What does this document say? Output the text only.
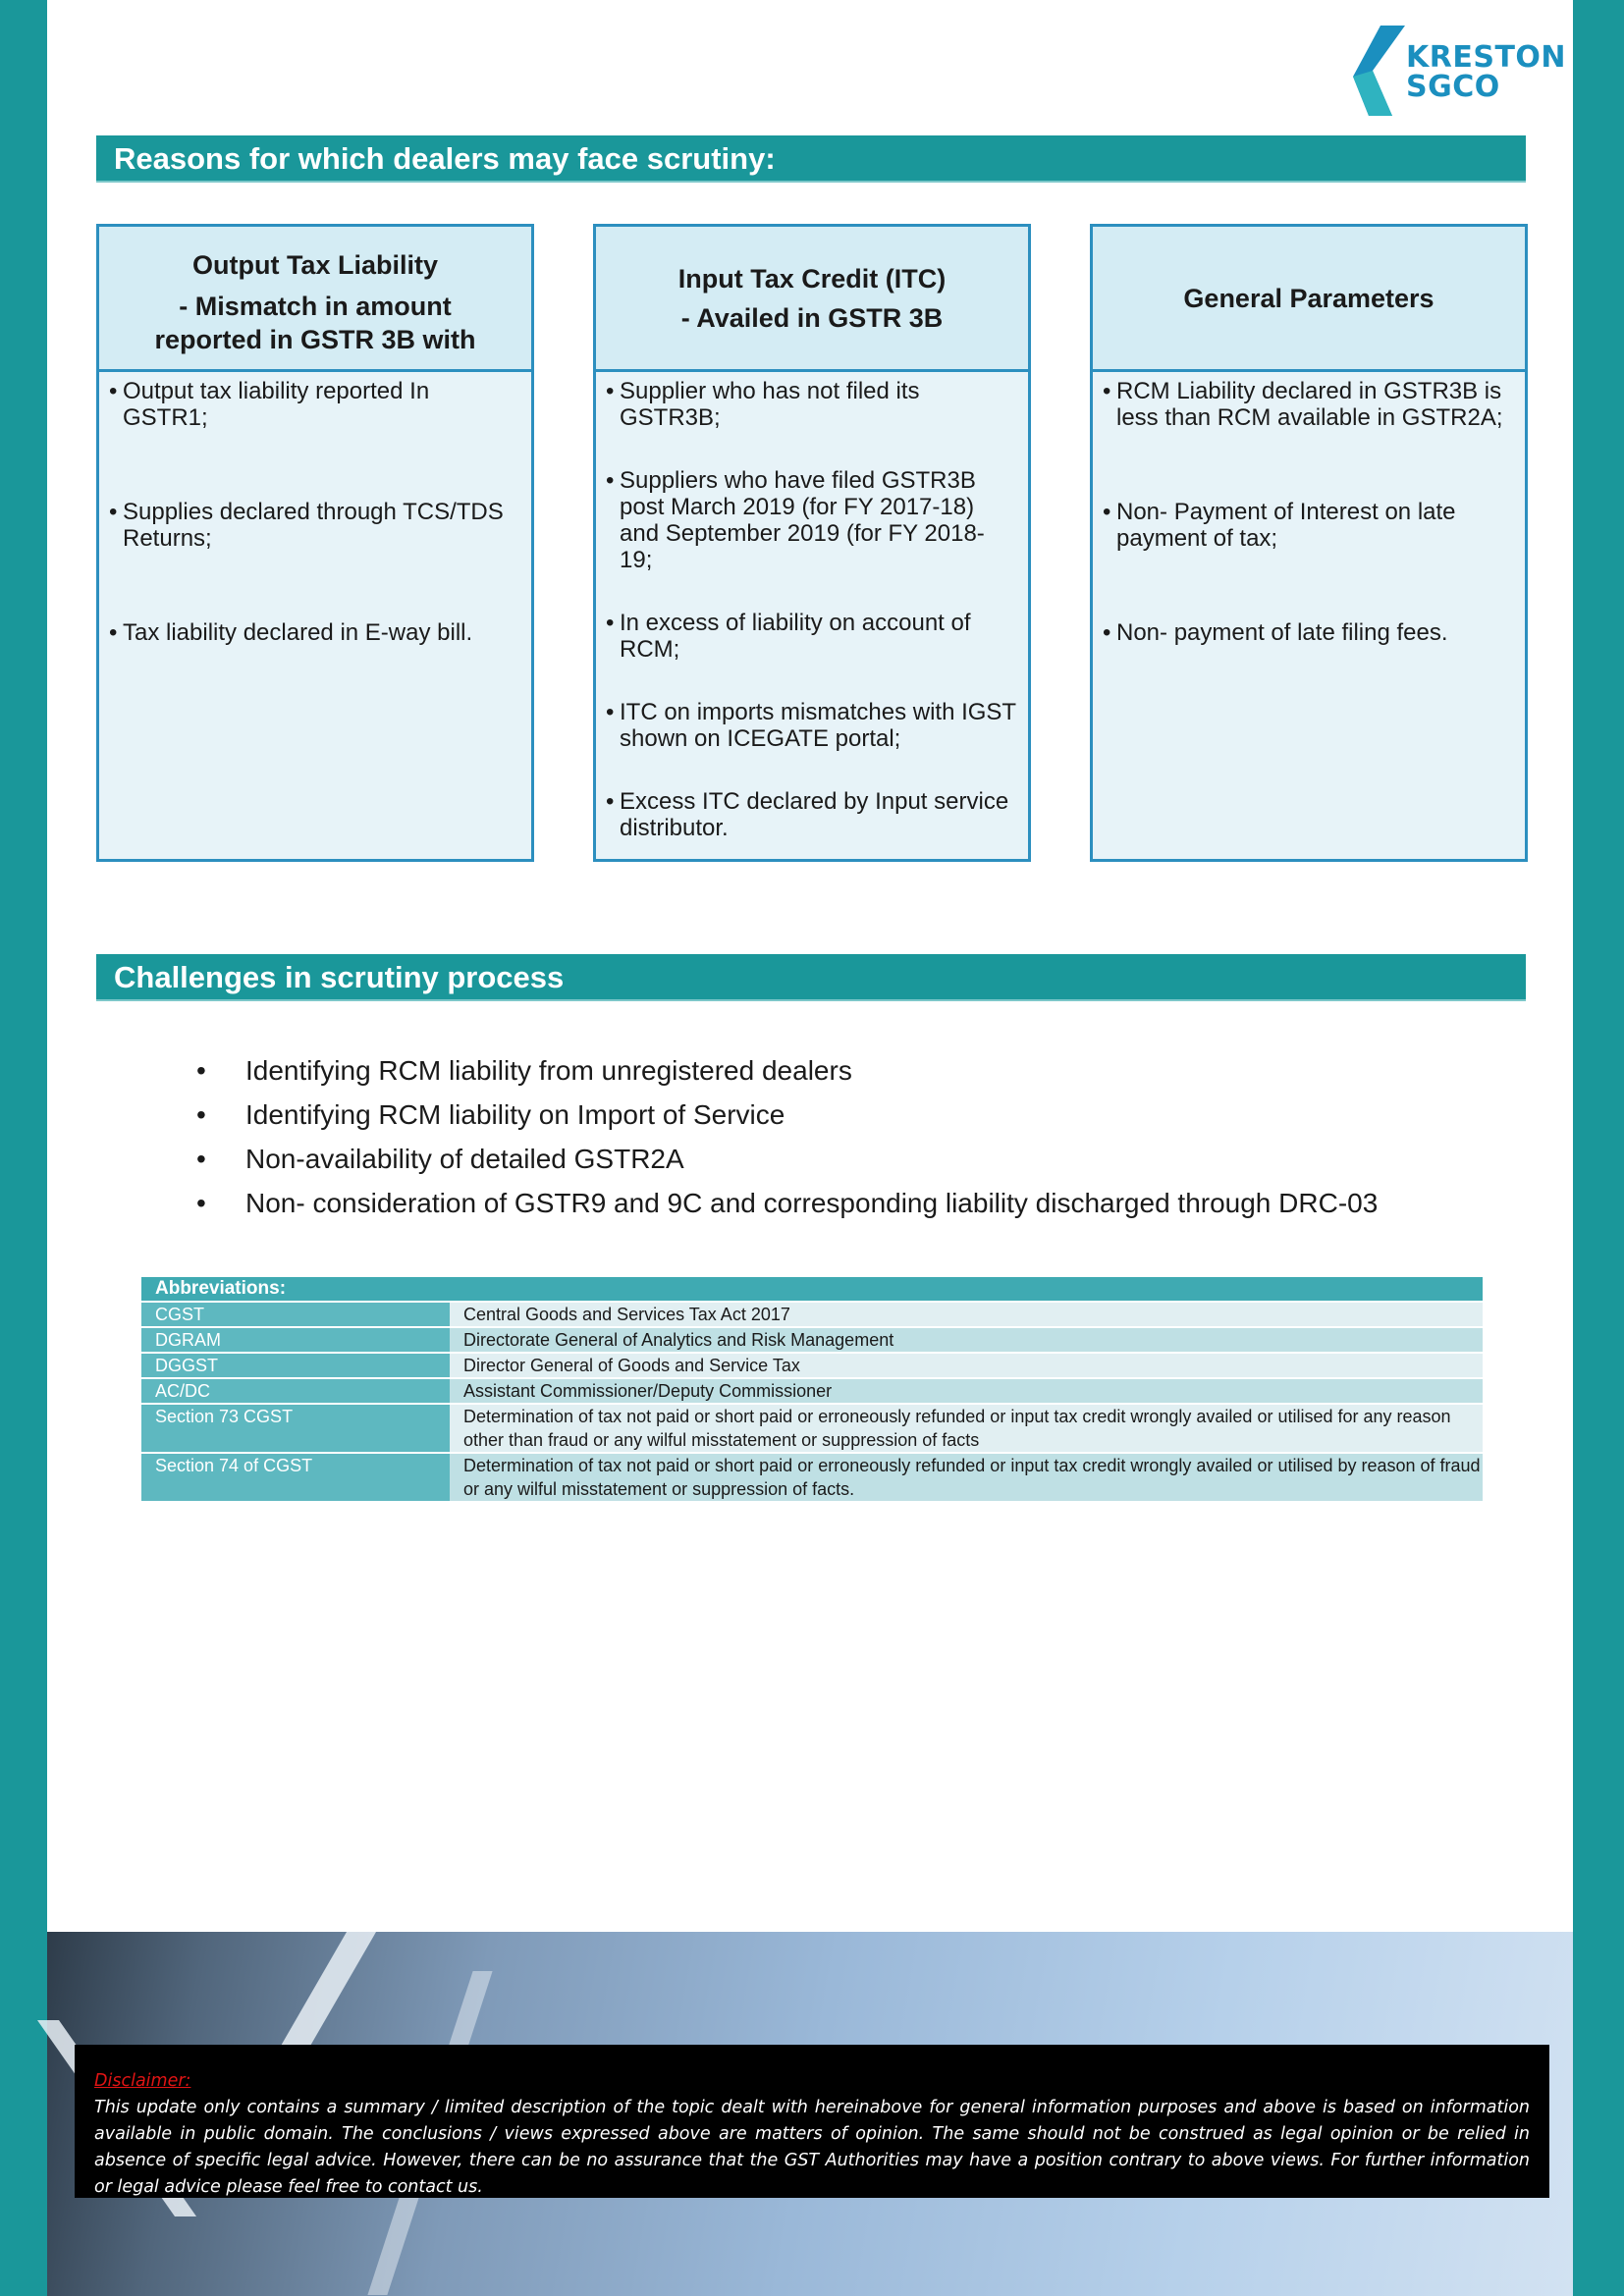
KRESTON
SGCO
Reasons for which dealers may face scrutiny:
Output Tax Liability
- Mismatch in amount
reported in GSTR 3B with
• Output tax liability reported In GSTR1;
• Supplies declared through TCS/TDS Returns;
• Tax liability declared in E-way bill.
Input Tax Credit (ITC)
- Availed in GSTR 3B
• Supplier who has not filed its GSTR3B;
• Suppliers who have filed GSTR3B post March 2019 (for FY 2017-18) and September 2019 (for FY 2018-19;
• In excess of liability on account of RCM;
• ITC on imports mismatches with IGST shown on ICEGATE portal;
• Excess ITC declared by Input service distributor.
General Parameters
• RCM Liability declared in GSTR3B is less than RCM available in GSTR2A;
• Non- Payment of Interest on late payment of tax;
• Non- payment of late filing fees.
Challenges in scrutiny process
• Identifying RCM liability from unregistered dealers
• Identifying RCM liability on Import of Service
• Non-availability of detailed GSTR2A
• Non- consideration of GSTR9 and 9C and corresponding liability discharged through DRC-03
Abbreviations:	
CGST	Central Goods and Services Tax Act 2017
DGRAM	Directorate General of Analytics and Risk Management
DGGST	Director General of Goods and Service Tax
AC/DC	Assistant Commissioner/Deputy Commissioner
Section 73 CGST	Determination of tax not paid or short paid or erroneously refunded or input tax credit wrongly availed or utilised for any reason other than fraud or any wilful misstatement or suppression of facts
Section 74 of CGST	Determination of tax not paid or short paid or erroneously refunded or input tax credit wrongly availed or utilised by reason of fraud or any wilful misstatement or suppression of facts.
Disclaimer:
This update only contains a summary / limited description of the topic dealt with hereinabove for general information purposes and above is based on information available in public domain. The conclusions / views expressed above are matters of opinion. The same should not be construed as legal opinion or be relied in absence of specific legal advice. However, there can be no assurance that the GST Authorities may have a position contrary to above views. For further information or legal advice please feel free to contact us.
